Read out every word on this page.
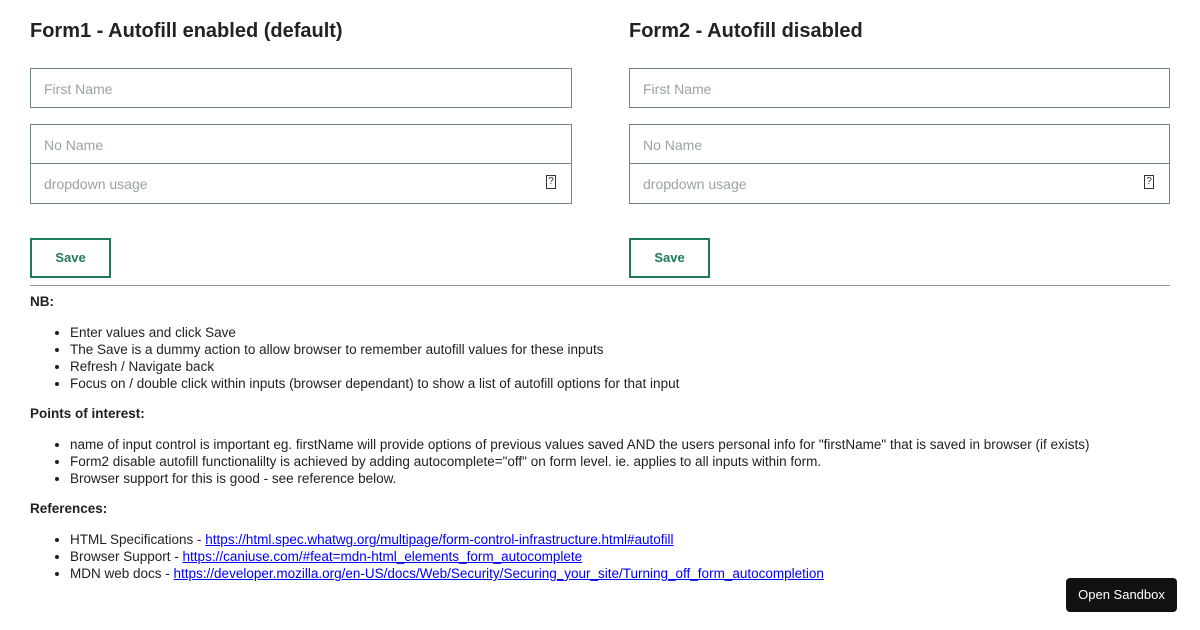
Form1 - Autofill enabled (default)
First Name
No Name
dropdown usage	?
Save
Form2 - Autofill disabled
First Name
No Name
dropdown usage	?
Save

NB:

• Enter values and click Save
• The Save is a dummy action to allow browser to remember autofill values for these inputs
• Refresh / Navigate back
• Focus on / double click within inputs (browser dependant) to show a list of autofill options for that input

Points of interest:

• name of input control is important eg. firstName will provide options of previous values saved AND the users personal info for "firstName" that is saved in browser (if exists)
• Form2 disable autofill functionalilty is achieved by adding autocomplete="off" on form level. ie. applies to all inputs within form.
• Browser support for this is good - see reference below.

References:

• HTML Specifications - https://html.spec.whatwg.org/multipage/form-control-infrastructure.html#autofill
• Browser Support - https://caniuse.com/#feat=mdn-html_elements_form_autocomplete
• MDN web docs - https://developer.mozilla.org/en-US/docs/Web/Security/Securing_your_site/Turning_off_form_autocompletion
Open Sandbox
